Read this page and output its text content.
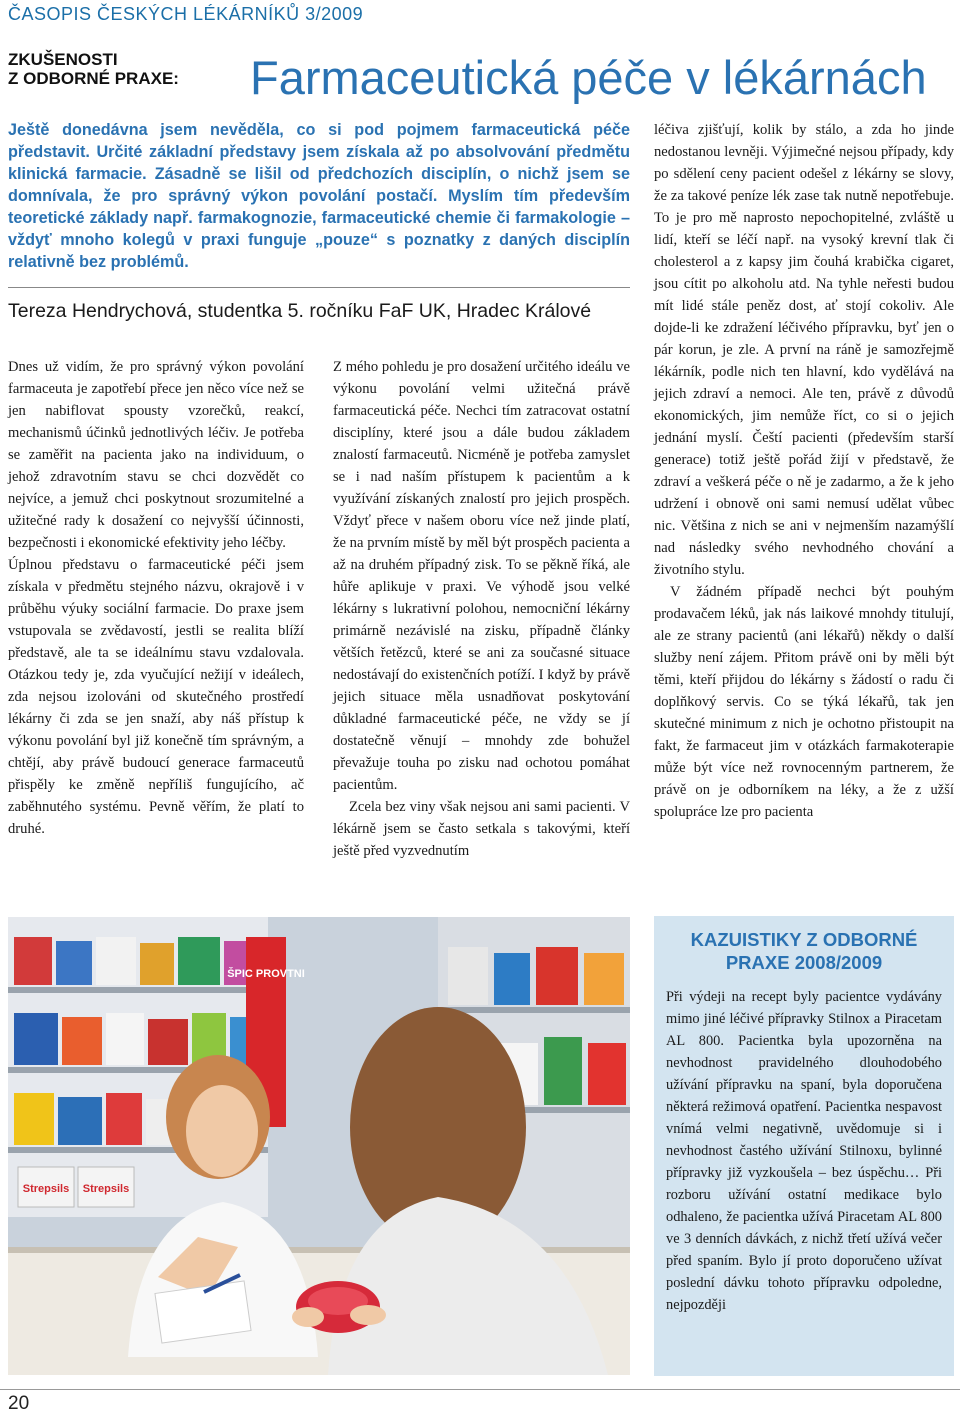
ČASOPIS ČESKÝCH LÉKÁRNÍKŮ 3/2009
ZKUŠENOSTI
Z ODBORNÉ PRAXE: Farmaceutická péče v lékárnách
Ještě donedávna jsem nevěděla, co si pod pojmem farmaceutická péče představit. Určité základní představy jsem získala až po absolvování předmětu klinická farmacie. Zásadně se lišil od předchozích disciplín, o nichž jsem se domnívala, že pro správný výkon povolání postačí. Myslím tím především teoretické základy např. farmakognozie, farmaceutické chemie či farmakologie – vždyť mnoho kolegů v praxi funguje „pouze“ s poznatky z daných disciplín relativně bez problémů.
Tereza Hendrychová, studentka 5. ročníku FaF UK, Hradec Králové

Dnes už vidím, že pro správný výkon povolání farmaceuta je zapotřebí přece jen něco více než se jen nabiflovat spousty vzorečků, reakcí, mechanismů účinků jednotlivých léčiv. Je potřeba se zaměřit na pacienta jako na individuum, o jehož zdravotním stavu se chci dozvědět co nejvíce, a jemuž chci poskytnout srozumitelné a užitečné rady k dosažení co nejvyšší účinnosti, bezpečnosti i ekonomické efektivity jeho léčby.

Úplnou představu o farmaceutické péči jsem získala v předmětu stejného názvu, okrajově i v průběhu výuky sociální farmacie. Do praxe jsem vstupovala se zvědavostí, jestli se realita blíží představě, ale ta se ideálnímu stavu vzdalovala. Otázkou tedy je, zda vyučující nežijí v ideálech, zda nejsou izolováni od skutečného prostředí lékárny či zda se jen snaží, aby náš přístup k výkonu povolání byl již konečně tím správným, a chtějí, aby právě budoucí generace farmaceutů přispěly ke změně nepříliš fungujícího, ač zaběhnutého systému. Pevně věřím, že platí to druhé.

Z mého pohledu je pro dosažení určitého ideálu ve výkonu povolání velmi užitečná právě farmaceutická péče. Nechci tím zatracovat ostatní disciplíny, které jsou a dále budou základem znalostí farmaceutů. Nicméně je potřeba zamyslet se i nad naším přístupem k pacientům a k využívání získaných znalostí pro jejich prospěch. Vždyť přece v našem oboru více než jinde platí, že na prvním místě by měl být prospěch pacienta a až na druhém případný zisk. To se pěkně říká, ale hůře aplikuje v praxi. Ve výhodě jsou velké lékárny s lukrativní polohou, nemocniční lékárny primárně nezávislé na zisku, případně články větších řetězců, které se ani za současné situace nedostávají do existenčních potíží. I když by právě jejich situace měla usnadňovat poskytování důkladné farmaceutické péče, ne vždy se jí dostatečně věnují – mnohdy zde bohužel převažuje touha po zisku nad ochotou pomáhat pacientům.

Zcela bez viny však nejsou ani sami pacienti. V lékárně jsem se často setkala s takovými, kteří ještě před vyzvednutím

léčiva zjišťují, kolik by stálo, a zda ho jinde nedostanou levněji. Výjimečné nejsou případy, kdy po sdělení ceny pacient odešel z lékárny se slovy, že za takové peníze lék zase tak nutně nepotřebuje. To je pro mě naprosto nepochopitelné, zvláště u lidí, kteří se léčí např. na vysoký krevní tlak či cholesterol a z kapsy jim čouhá krabička cigaret, jsou cítit po alkoholu atd. Na tyhle neřesti budou mít lidé stále peněz dost, ať stojí cokoliv. Ale dojde-li ke zdražení léčivého přípravku, byť jen o pár korun, je zle. A první na ráně je samozřejmě lékárník, podle nich ten hlavní, kdo vydělává na jejich zdraví a nemoci. Ale ten, právě z důvodů ekonomických, jim nemůže říct, co si o jejich jednání myslí. Čeští pacienti (především starší generace) totiž ještě pořád žijí v představě, že zdraví a veškerá péče o ně je zadarmo, a že k jeho udržení i obnově oni sami nemusí udělat vůbec nic. Většina z nich se ani v nejmenším nazamýšlí nad následky svého nevhodného chování a životního stylu.

V žádném případě nechci být pouhým prodavačem léků, jak nás laikové mnohdy titulují, ale ze strany pacientů (ani lékařů) někdy o další služby není zájem. Přitom právě oni by měli být těmi, kteří přijdou do lékárny s žádostí o radu či doplňkový servis. Co se týká lékařů, tak jen skutečné minimum z nich je ochotno přistoupit na fakt, že farmaceut jim v otázkách farmakoterapie může být více než rovnocenným partnerem, že právě on je odborníkem na léky, a že z užší spolupráce lze pro pacienta

ŠPIC PROVTNI
Strepsils Strepsils
KAZUISTIKY Z ODBORNÉ
PRAXE 2008/2009
Při výdeji na recept byly pacientce vydávány mimo jiné léčivé přípravky Stilnox a Piracetam AL 800. Pacientka byla upozorněna na nevhodnost pravidelného dlouhodobého užívání přípravku na spaní, byla doporučena některá režimová opatření. Pacientka nespavost vnímá velmi negativně, uvědomuje si i nevhodnost častého užívání Stilnoxu, bylinné přípravky již vyzkoušela – bez úspěchu… Při rozboru užívání ostatní medikace bylo odhaleno, že pacientka užívá Piracetam AL 800 ve 3 denních dávkách, z nichž třetí užívá večer před spaním. Bylo jí proto doporučeno užívat poslední dávku tohoto přípravku odpoledne, nejpozději
20
